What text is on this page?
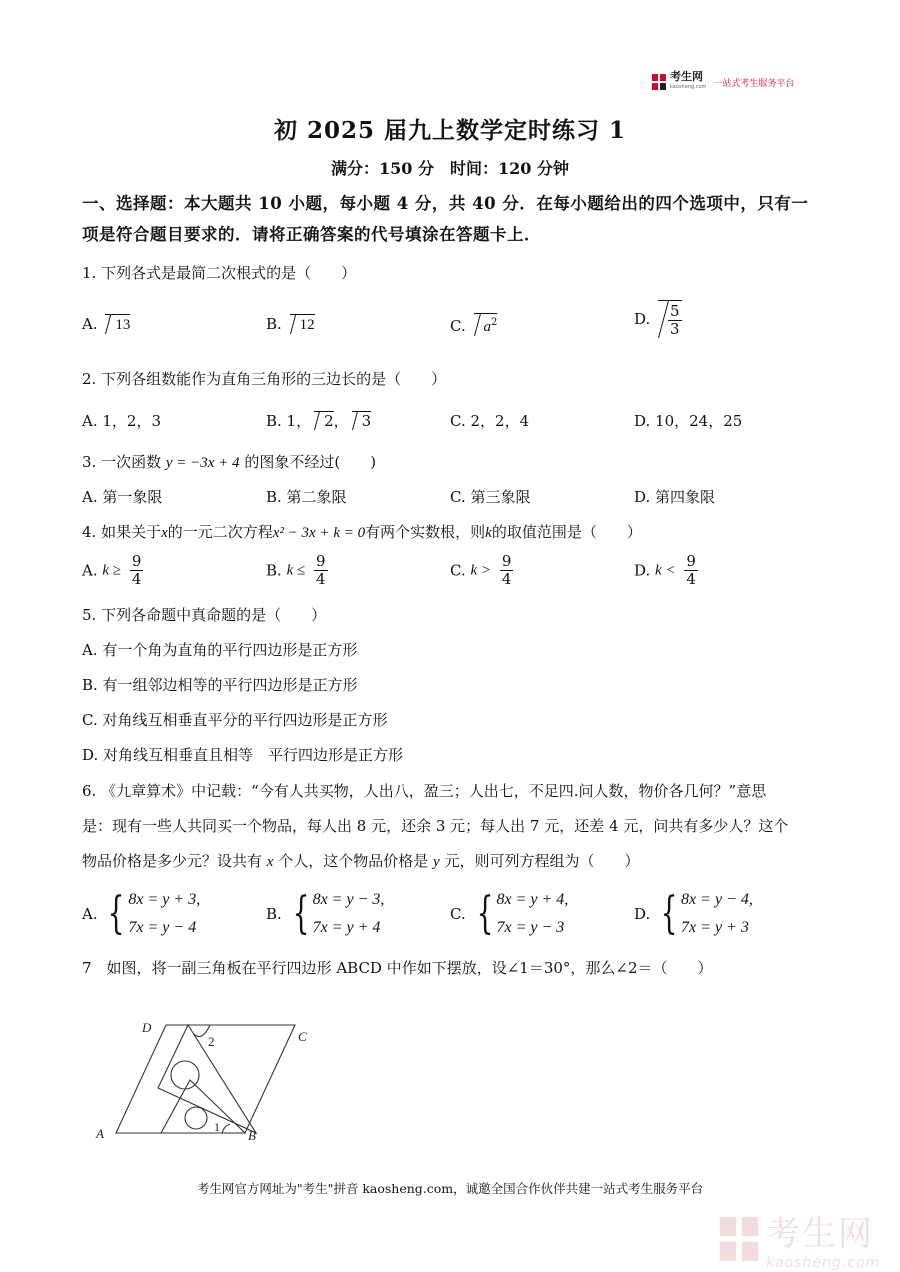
考生网
kaosheng.com 一站式考生服务平台
初 2025 届九上数学定时练习 1
满分：150 分　时间：120 分钟
一、选择题：本大题共 10 小题，每小题 4 分，共 40 分．在每小题给出的四个选项中，只有一项是符合题目要求的．请将正确答案的代号填涂在答题卡上．
1. 下列各式是最简二次根式的是（　　）
A. 13	B. 12	C. $a^2$	D. $\frac{5}{3}$
2. 下列各组数能作为直角三角形的三边长的是（　　）
A. 1，2，3	B. 1， 2， 3	C. 2，2，4	D. 10，24，25
3. 一次函数 y = −3x + 4 的图象不经过(　　)
A. 第一象限	B. 第二象限	C. 第三象限	D. 第四象限
4. 如果关于x的一元二次方程x² − 3x + k = 0有两个实数根，则k的取值范围是（　　）
A. $k \ge \frac{9}{4}$	B. $k \le \frac{9}{4}$	C. $k > \frac{9}{4}$	D. $k < \frac{9}{4}$
5. 下列各命题中真命题的是（　　）
A. 有一个角为直角的平行四边形是正方形
B. 有一组邻边相等的平行四边形是正方形
C. 对角线互相垂直平分的平行四边形是正方形
D. 对角线互相垂直且相等　平行四边形是正方形
6. 《九章算术》中记载：“今有人共买物，人出八，盈三；人出七，不足四.问人数，物价各几何？”意思
是：现有一些人共同买一个物品，每人出 8 元，还余 3 元；每人出 7 元，还差 4 元，问共有多少人？这个
物品价格是多少元？设共有 x 个人，这个物品价格是 y 元，则可列方程组为（　　）
A. { 8x = y + 3,
7x = y − 4
B. { 8x = y − 3,
7x = y + 4
C. { 8x = y + 4,
7x = y − 3
D. { 8x = y − 4,
7x = y + 3
7　如图，将一副三角板在平行四边形 ABCD 中作如下摆放，设∠1＝30°，那么∠2＝（　　）
D
C
A	B
2
1
考生网官方网址为"考生"拼音 kaosheng.com，诚邀全国合作伙伴共建一站式考生服务平台
考生网
kaosheng.com
